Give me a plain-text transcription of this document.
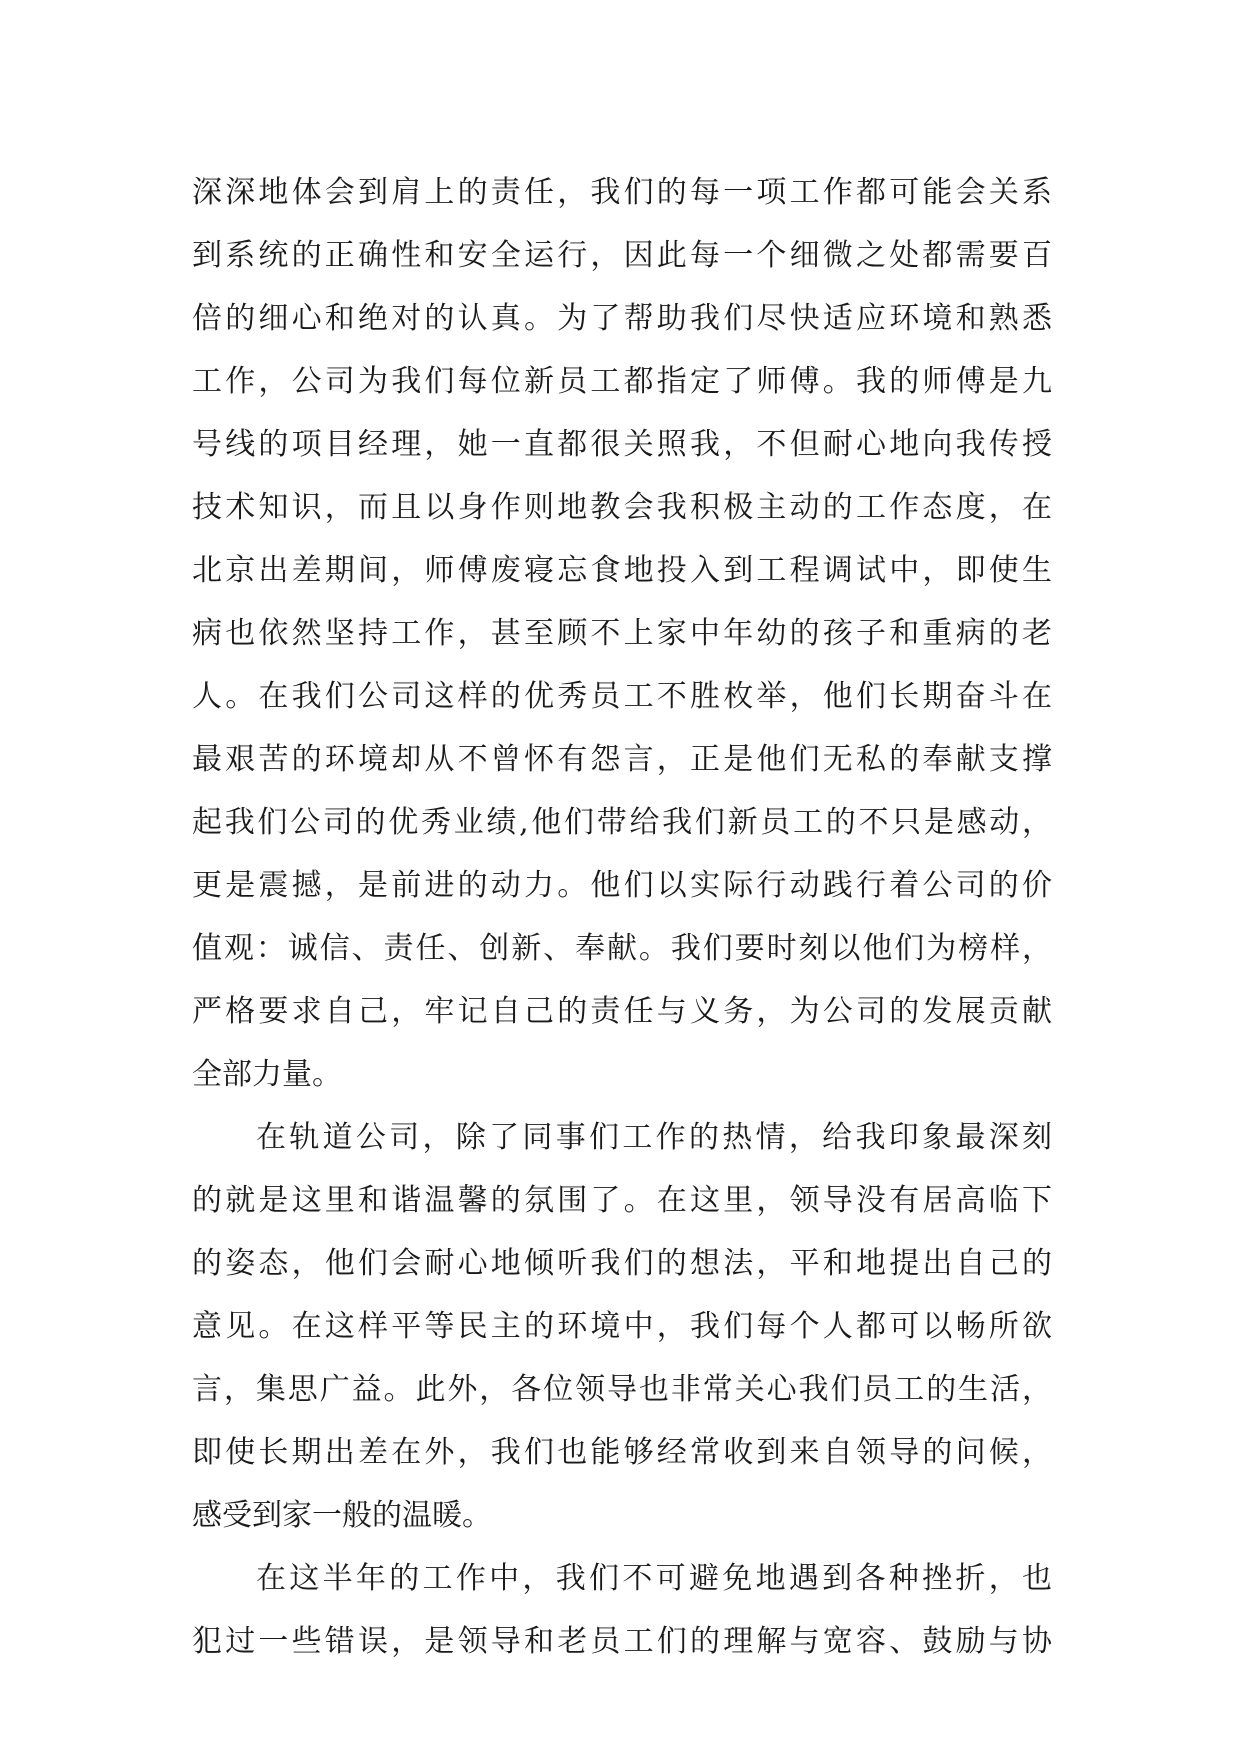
深深地体会到肩上的责任，我们的每一项工作都可能会关系
到系统的正确性和安全运行，因此每一个细微之处都需要百
倍的细心和绝对的认真。为了帮助我们尽快适应环境和熟悉
工作，公司为我们每位新员工都指定了师傅。我的师傅是九
号线的项目经理，她一直都很关照我，不但耐心地向我传授
技术知识，而且以身作则地教会我积极主动的工作态度，在
北京出差期间，师傅废寝忘食地投入到工程调试中，即使生
病也依然坚持工作，甚至顾不上家中年幼的孩子和重病的老
人。在我们公司这样的优秀员工不胜枚举，他们长期奋斗在
最艰苦的环境却从不曾怀有怨言，正是他们无私的奉献支撑
起我们公司的优秀业绩,他们带给我们新员工的不只是感动，
更是震撼，是前进的动力。他们以实际行动践行着公司的价
值观：诚信、责任、创新、奉献。我们要时刻以他们为榜样，
严格要求自己，牢记自己的责任与义务，为公司的发展贡献
全部力量。
在轨道公司，除了同事们工作的热情，给我印象最深刻
的就是这里和谐温馨的氛围了。在这里，领导没有居高临下
的姿态，他们会耐心地倾听我们的想法，平和地提出自己的
意见。在这样平等民主的环境中，我们每个人都可以畅所欲
言，集思广益。此外，各位领导也非常关心我们员工的生活，
即使长期出差在外，我们也能够经常收到来自领导的问候，
感受到家一般的温暖。
在这半年的工作中，我们不可避免地遇到各种挫折，也
犯过一些错误，是领导和老员工们的理解与宽容、鼓励与协
